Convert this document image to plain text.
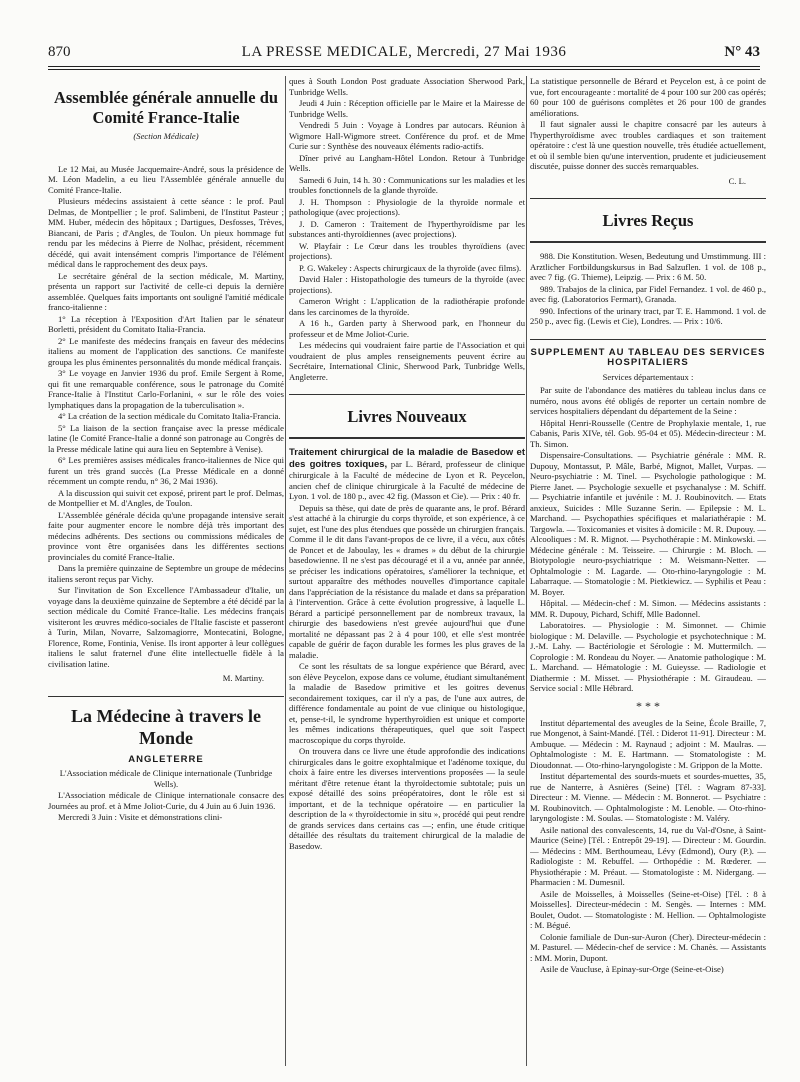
870	LA PRESSE MEDICALE, Mercredi, 27 Mai 1936	N° 43
Assemblée générale annuelle du Comité France-Italie
(Section Médicale)

Le 12 Mai, au Musée Jacquemaire-André, sous la présidence de M. Léon Madelin, a eu lieu l'Assemblée générale annuelle du Comité France-Italie.

Plusieurs médecins assistaient à cette séance : le prof. Paul Delmas, de Montpellier ; le prof. Salimbeni, de l'Institut Pasteur ; MM. Huber, médecin des hôpitaux ; Dartigues, Desfosses, Trèves, Biancani, de Paris ; d'Angles, de Toulon. Un pieux hommage fut rendu par les médecins à Pierre de Nolhac, président, récemment décédé, qui avait intensément compris l'importance de l'élément médical dans le rapprochement des deux pays.

Le secrétaire général de la section médicale, M. Martiny, présenta un rapport sur l'activité de celle-ci depuis la dernière assemblée. Quelques faits importants ont souligné l'amitié médicale franco-italienne :

1° La réception à l'Exposition d'Art Italien par le sénateur Borletti, président du Comitato Italia-Francia.

2° Le manifeste des médecins français en faveur des médecins italiens au moment de l'application des sanctions. Ce manifeste groupa les plus éminentes personnalités du monde médical français.

3° Le voyage en Janvier 1936 du prof. Emile Sergent à Rome, qui fit une remarquable conférence, sous le patronage du Comité France-Italie à l'Institut Carlo-Forlanini, « sur le rôle des voies lymphatiques dans la propagation de la tuberculisation ».

4° La création de la section médicale du Comitato Italia-Francia.

5° La liaison de la section française avec la presse médicale latine (le Comité France-Italie a donné son patronage au Congrès de la Presse médicale latine qui aura lieu en Septembre à Venise).

6° Les premières assises médicales franco-italiennes de Nice qui furent un très grand succès (La Presse Médicale en a donné récemment un compte rendu, n° 36, 2 Mai 1936).

A la discussion qui suivit cet exposé, prirent part le prof. Delmas, de Montpellier et M. d'Angles, de Toulon.

L'Assemblée générale décida qu'une propagande intensive serait faite pour augmenter encore le nombre déjà très important des médecins adhérents. Des sections ou commissions médicales de province vont être organisées dans les différentes sections provinciales du comité France-Italie.

Dans la première quinzaine de Septembre un groupe de médecins italiens seront reçus par Vichy.

Sur l'invitation de Son Excellence l'Ambassadeur d'Italie, un voyage dans la deuxième quinzaine de Septembre a été décidé par la section médicale du Comité France-Italie. Les médecins français visiteront les œuvres médico-sociales de l'Italie fasciste et passeront à Turin, Milan, Novarre, Salzomagiorre, Montecatini, Bologne, Florence, Rome, Fontinia, Venise. Ils iront apporter à leur collègues italiens le salut fraternel d'une élite intellectuelle fidèle à la civilisation latine.

M. Martiny.

La Médecine à travers le Monde
ANGLETERRE

L'Association médicale de Clinique internationale (Tunbridge Wells).

L'Association médicale de Clinique internationale consacre des Journées au prof. et à Mme Joliot-Curie, du 4 Juin au 6 Juin 1936.

Mercredi 3 Juin : Visite et démonstrations clini-

ques à South London Post graduate Association Sherwood Park, Tunbridge Wells.

Jeudi 4 Juin : Réception officielle par le Maire et la Mairesse de Tunbridge Wells.

Vendredi 5 Juin : Voyage à Londres par autocars. Réunion à Wigmore Hall-Wigmore street. Conférence du prof. et de Mme Curie sur : Synthèse des nouveaux éléments radio-actifs.

Dîner privé au Langham-Hôtel London. Retour à Tunbridge Wells.

Samedi 6 Juin, 14 h. 30 : Communications sur les maladies et les troubles fonctionnels de la glande thyroïde.

J. H. Thompson : Physiologie de la thyroïde normale et pathologique (avec projections).

J. D. Cameron : Traitement de l'hyperthyroïdisme par les substances anti-thyroïdiennes (avec projections).

W. Playfair : Le Cœur dans les troubles thyroïdiens (avec projections).

P. G. Wakeley : Aspects chirurgicaux de la thyroïde (avec films).

David Haler : Histopathologie des tumeurs de la thyroïde (avec projections).

Cameron Wright : L'application de la radiothérapie profonde dans les carcinomes de la thyroïde.

A 16 h., Garden party à Sherwood park, en l'honneur du professeur et de Mme Joliot-Curie.

Les médecins qui voudraient faire partie de l'Association et qui voudraient de plus amples renseignements peuvent écrire au Secrétaire, International Clinic, Sherwood Park, Tunbridge Wells, Angleterre.

Livres Nouveaux

Traitement chirurgical de la maladie de Basedow et des goitres toxiques, par L. Bérard, professeur de clinique chirurgicale à la Faculté de médecine de Lyon et R. Peycelon, ancien chef de clinique chirurgicale à la Faculté de médecine de Lyon. 1 vol. de 180 p., avec 42 fig. (Masson et Cie). — Prix : 40 fr.

Depuis sa thèse, qui date de près de quarante ans, le prof. Bérard s'est attaché à la chirurgie du corps thyroïde, et son expérience, à ce sujet, est l'une des plus étendues que possède un chirurgien français. Comme il le dit dans l'avant-propos de ce livre, il a vécu, aux côtés de Poncet et de Jaboulay, les « drames » du début de la chirurgie basedowienne. Il ne s'est pas découragé et il a vu, année par année, se préciser les indications opératoires, s'améliorer la technique, et surtout apparaître des méthodes nouvelles d'importance capitale dans l'appréciation de la résistance du malade et dans sa préparation à l'intervention. Grâce à cette évolution progressive, à laquelle L. Bérard a participé personnellement par de nombreux travaux, la chirurgie des basedowiens n'est grevée aujourd'hui que d'une mortalité ne dépassant pas 2 à 4 pour 100, et elle s'est montrée capable de guérir de façon durable les formes les plus graves de la maladie.

Ce sont les résultats de sa longue expérience que Bérard, avec son élève Peycelon, expose dans ce volume, étudiant simultanément la maladie de Basedow primitive et les goitres devenus secondairement toxiques, car il n'y a pas, de l'une aux autres, de différence fondamentale au point de vue clinique ou histologique, et, pense-t-il, le syndrome hyperthyroïdien est unique et comporte les mêmes indications thérapeutiques, quel que soit l'aspect macroscopique du corps thyroïde.

On trouvera dans ce livre une étude approfondie des indications chirurgicales dans le goitre exophtalmique et l'adénome toxique, du choix à faire entre les diverses interventions proposées — la seule méritant d'être retenue étant la thyroïdectomie subtotale; puis un exposé détaillé des soins préopératoires, dont le rôle est si important, et de la technique opératoire — en particulier la description de la « thyroïdectomie in situ », procédé qui peut rendre de grands services dans certains cas —; enfin, une étude critique détaillée des résultats du traitement chirurgical de la maladie de Basedow.

La statistique personnelle de Bérard et Peycelon est, à ce point de vue, fort encourageante : mortalité de 4 pour 100 sur 200 cas opérés; 60 pour 100 de guérisons complètes et 26 pour 100 de grandes améliorations.

Il faut signaler aussi le chapitre consacré par les auteurs à l'hyperthyroïdisme avec troubles cardiaques et son traitement opératoire : c'est là une question nouvelle, très étudiée actuellement, et où il semble bien qu'une intervention, prudente et judicieusement discutée, puisse donner des succès remarquables.

C. L.

Livres Reçus

988. Die Konstitution. Wesen, Bedeutung und Umstimmung. III : Arztlicher Fortbildungskursus in Bad Salzuflen. 1 vol. de 108 p., avec 7 fig. (G. Thieme), Leipzig. — Prix : 6 M. 50.

989. Trabajos de la clinica, par Fidel Fernandez. 1 vol. de 460 p., avec fig. (Laboratorios Fermart), Granada.

990. Infections of the urinary tract, par T. E. Hammond. 1 vol. de 250 p., avec fig. (Lewis et Cie), Londres. — Prix : 10/6.

SUPPLEMENT AU TABLEAU DES SERVICES HOSPITALIERS

Services départementaux :

Par suite de l'abondance des matières du tableau inclus dans ce numéro, nous avons été obligés de reporter un certain nombre de services hospitaliers dépendant du département de la Seine :

Hôpital Henri-Rousselle (Centre de Prophylaxie mentale, 1, rue Cabanis, Paris XIVe, tél. Gob. 95-04 et 05). Médecin-directeur : M. Th. Simon.

Dispensaire-Consultations. — Psychiatrie générale : MM. R. Dupouy, Montassut, P. Mâle, Barbé, Mignot, Mallet, Vurpas. — Neuro-psychiatrie : M. Tinel. — Psychologie pathologique : M. Pierre Janet. — Psychologie sexuelle et psychanalyse : M. Schiff. — Psychiatrie infantile et juvénile : M. J. Roubinovitch. — Etats anxieux, Suicides : Mlle Suzanne Serin. — Epilepsie : M. L. Marchand. — Psychopathies spécifiques et malariathérapie : M. Targowla. — Toxicomanies et visites à domicile : M. R. Dupouy. — Alcooliques : M. R. Mignot. — Psychothérapie : M. Minkowski. — Médecine générale : M. Teisseire. — Chirurgie : M. Bloch. — Biotypologie neuro-psychiatrique : M. Weismann-Netter. — Ophtalmologie : M. Lagarde. — Oto-rhino-laryngologie : M. Labarraque. — Stomatologie : M. Pietkiewicz. — Syphilis et Peau : M. Boyer.

Hôpital. — Médecin-chef : M. Simon. — Médecins assistants : MM. R. Dupouy, Pichard, Schiff, Mlle Badonnel.

Laboratoires. — Physiologie : M. Simonnet. — Chimie biologique : M. Delaville. — Psychologie et psychotechnique : M. J.-M. Lahy. — Bactériologie et Sérologie : M. Muttermilch. — Coprologie : M. Rondeau du Noyer. — Anatomie pathologique : M. L. Marchand. — Hématologie : M. Guieysse. — Radiologie et Diathermie : M. Misset. — Physiothérapie : M. Giraudeau. — Service social : Mlle Hébrard.

* * *

Institut départemental des aveugles de la Seine, École Braille, 7, rue Mongenot, à Saint-Mandé. [Tél. : Diderot 11-91]. Directeur : M. Ambuque. — Médecin : M. Raynaud ; adjoint : M. Maulras. — Ophtalmologiste : M. E. Hartmann. — Stomatologiste : M. Dioudonnat. — Oto-rhino-laryngologiste : M. Grippon de la Motte.

Institut départemental des sourds-muets et sourdes-muettes, 35, rue de Nanterre, à Asnières (Seine) [Tél. : Wagram 87-33]. Directeur : M. Vienne. — Médecin : M. Bonnerot. — Psychiatre : M. Roubinovitch. — Ophtalmologiste : M. Lenoble. — Oto-rhino-laryngologiste : M. Soulas. — Stomatologiste : M. Valéry.

Asile national des convalescents, 14, rue du Val-d'Osne, à Saint-Maurice (Seine) [Tél. : Entrepôt 29-19]. — Directeur : M. Gourdin. — Médecins : MM. Berthoumeau, Lévy (Edmond), Oury (P.). — Radiologiste : M. Rebuffel. — Orthopédie : M. Rœderer. — Physiothérapie : M. Préaut. — Stomatologiste : M. Nidergang. — Pharmacien : M. Dumesnil.

Asile de Moisselles, à Moisselles (Seine-et-Oise) [Tél. : 8 à Moisselles]. Directeur-médecin : M. Sengès. — Internes : MM. Boulet, Oudot. — Stomatologiste : M. Hellion. — Ophtalmologiste : M. Bégué.

Colonie familiale de Dun-sur-Auron (Cher). Directeur-médecin : M. Pasturel. — Médecin-chef de service : M. Chanès. — Assistants : MM. Morin, Dupont.

Asile de Vaucluse, à Epinay-sur-Orge (Seine-et-Oise)
